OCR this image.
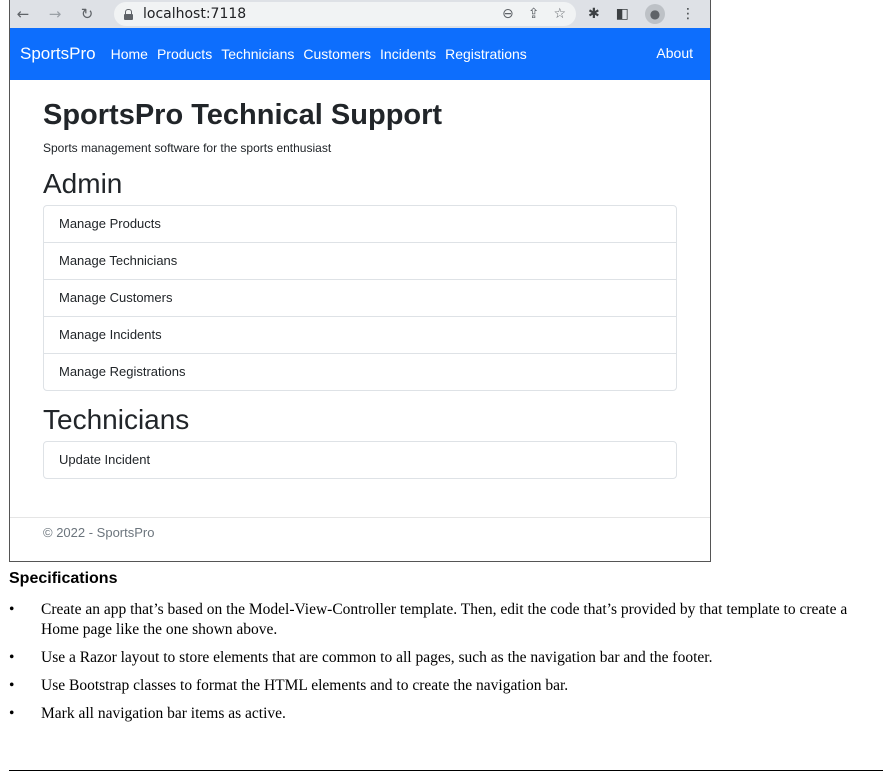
←	→	↻	localhost:7118	⊖ ⇪ ☆ ✱ ◧	●	⋮
SportsPro Home Products Technicians Customers Incidents Registrations	About
SportsPro Technical Support
Sports management software for the sports enthusiast
Admin
Manage Products
Manage Technicians
Manage Customers
Manage Incidents
Manage Registrations
Technicians
Update Incident
© 2022 - SportsPro
Specifications
• Create an app that’s based on the Model-View-Controller template. Then, edit the code that’s provided by that template to create a Home page like the one shown above.
• Use a Razor layout to store elements that are common to all pages, such as the navigation bar and the footer.
• Use Bootstrap classes to format the HTML elements and to create the navigation bar.
• Mark all navigation bar items as active.
